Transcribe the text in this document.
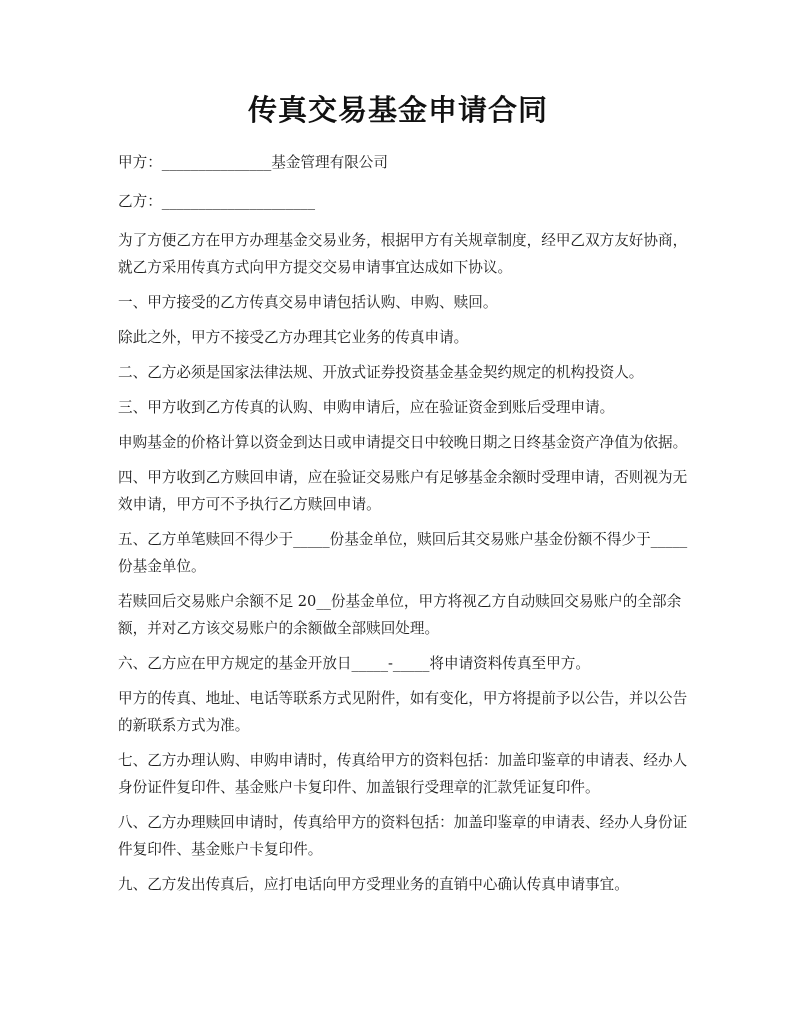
传真交易基金申请合同

甲方：_______________基金管理有限公司

乙方：_____________________

为了方便乙方在甲方办理基金交易业务，根据甲方有关规章制度，经甲乙双方友好协商，就乙方采用传真方式向甲方提交交易申请事宜达成如下协议。

一、甲方接受的乙方传真交易申请包括认购、申购、赎回。

除此之外，甲方不接受乙方办理其它业务的传真申请。

二、乙方必须是国家法律法规、开放式证券投资基金基金契约规定的机构投资人。

三、甲方收到乙方传真的认购、申购申请后，应在验证资金到账后受理申请。

申购基金的价格计算以资金到达日或申请提交日中较晚日期之日终基金资产净值为依据。

四、甲方收到乙方赎回申请，应在验证交易账户有足够基金余额时受理申请，否则视为无效申请，甲方可不予执行乙方赎回申请。

五、乙方单笔赎回不得少于_____份基金单位，赎回后其交易账户基金份额不得少于_____份基金单位。

若赎回后交易账户余额不足 20__份基金单位，甲方将视乙方自动赎回交易账户的全部余额，并对乙方该交易账户的余额做全部赎回处理。

六、乙方应在甲方规定的基金开放日_____-_____将申请资料传真至甲方。

甲方的传真、地址、电话等联系方式见附件，如有变化，甲方将提前予以公告，并以公告的新联系方式为准。

七、乙方办理认购、申购申请时，传真给甲方的资料包括：加盖印鉴章的申请表、经办人身份证件复印件、基金账户卡复印件、加盖银行受理章的汇款凭证复印件。

八、乙方办理赎回申请时，传真给甲方的资料包括：加盖印鉴章的申请表、经办人身份证件复印件、基金账户卡复印件。

九、乙方发出传真后，应打电话向甲方受理业务的直销中心确认传真申请事宜。
